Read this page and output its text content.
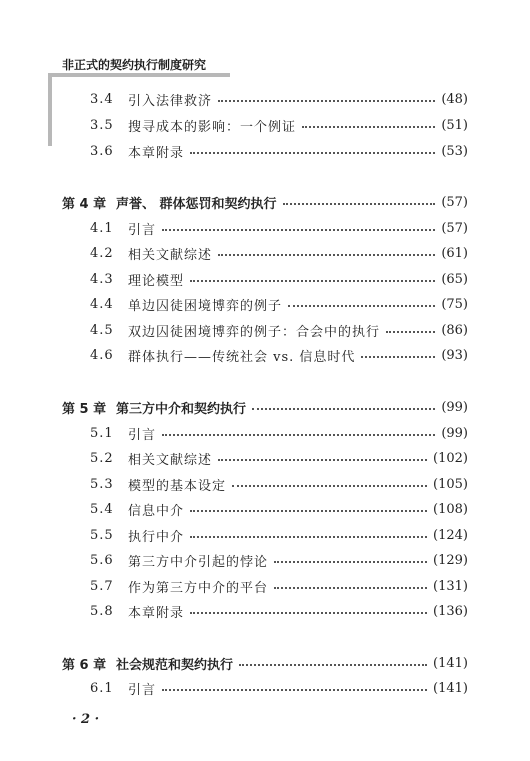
非正式的契约执行制度研究
3.4	引入法律救济	(48)
3.5	搜寻成本的影响：一个例证	(51)
3.6	本章附录	(53)
第 4 章 声誉、 群体惩罚和契约执行	(57)
4.1	引言	(57)
4.2	相关文献综述	(61)
4.3	理论模型	(65)
4.4	单边囚徒困境博弈的例子	(75)
4.5	双边囚徒困境博弈的例子：合会中的执行	(86)
4.6	群体执行——传统社会 vs. 信息时代	(93)
第 5 章 第三方中介和契约执行	(99)
5.1	引言	(99)
5.2	相关文献综述	(102)
5.3	模型的基本设定	(105)
5.4	信息中介	(108)
5.5	执行中介	(124)
5.6	第三方中介引起的悖论	(129)
5.7	作为第三方中介的平台	(131)
5.8	本章附录	(136)
第 6 章 社会规范和契约执行	(141)
6.1	引言	(141)
· 2 ·
